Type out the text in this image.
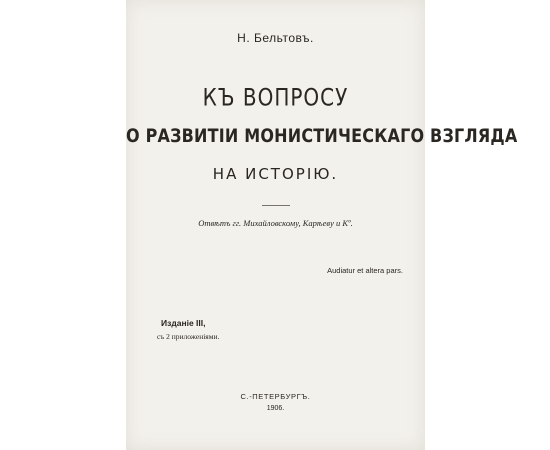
Н. Бельтовъ.

КЪ ВОПРОСУ

О РАЗВИТІИ МОНИСТИЧЕСКАГО ВЗГЛЯДА

НА ИСТОРІЮ.

Отвѣтъ гг. Михайловскому, Карѣеву и Kº.

Audiatur et altera pars.

Изданіе III,

съ 2 приложеніями.

С.-ПЕТЕРБУРГЪ.

1906.
